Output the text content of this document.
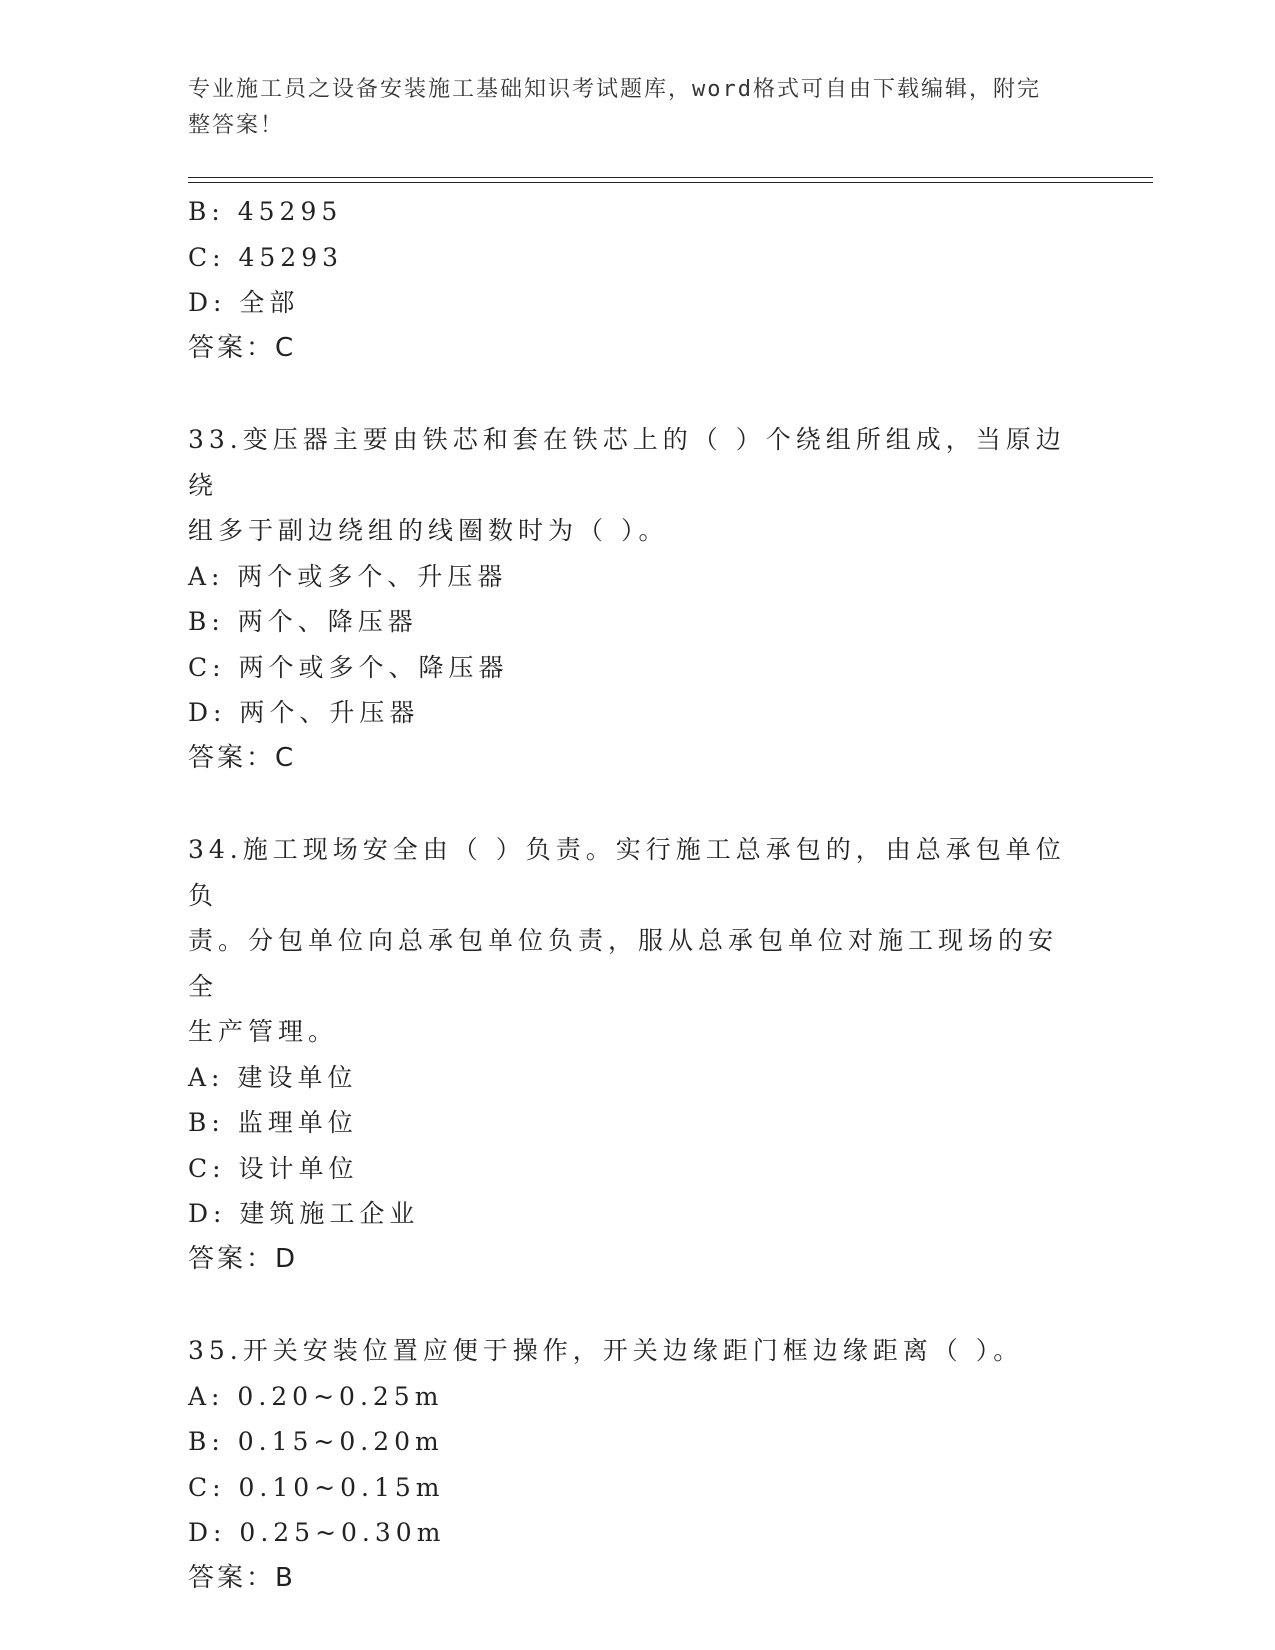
专业施工员之设备安装施工基础知识考试题库，word格式可自由下载编辑，附完
整答案！
B: 45295
C: 45293
D: 全部
答案：C
33.变压器主要由铁芯和套在铁芯上的（ ）个绕组所组成，当原边绕
组多于副边绕组的线圈数时为（ ）。
A: 两个或多个、升压器
B: 两个、降压器
C: 两个或多个、降压器
D: 两个、升压器
答案：C
34.施工现场安全由（ ）负责。实行施工总承包的，由总承包单位负
责。分包单位向总承包单位负责，服从总承包单位对施工现场的安全
生产管理。
A: 建设单位
B: 监理单位
C: 设计单位
D: 建筑施工企业
答案：D
35.开关安装位置应便于操作，开关边缘距门框边缘距离（ ）。
A: 0.20~0.25m
B: 0.15~0.20m
C: 0.10~0.15m
D: 0.25~0.30m
答案：B
